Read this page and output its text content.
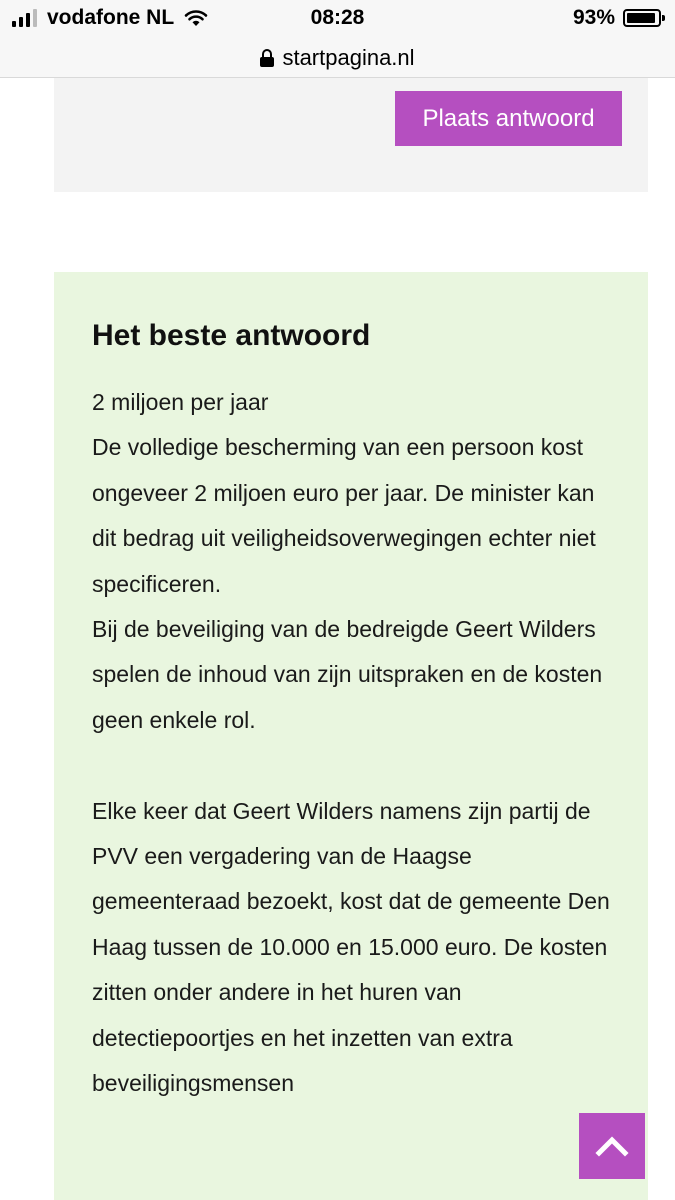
vodafone NL	08:28	93%
startpagina.nl
Plaats antwoord
Het beste antwoord

2 miljoen per jaar

De volledige bescherming van een persoon kost ongeveer 2 miljoen euro per jaar. De minister kan dit bedrag uit veiligheidsoverwegingen echter niet specificeren.

Bij de beveiliging van de bedreigde Geert Wilders spelen de inhoud van zijn uitspraken en de kosten geen enkele rol.

Elke keer dat Geert Wilders namens zijn partij de PVV een vergadering van de Haagse gemeenteraad bezoekt, kost dat de gemeente Den Haag tussen de 10.000 en 15.000 euro. De kosten zitten onder andere in het huren van detectiepoortjes en het inzetten van extra beveiligingsmensen
